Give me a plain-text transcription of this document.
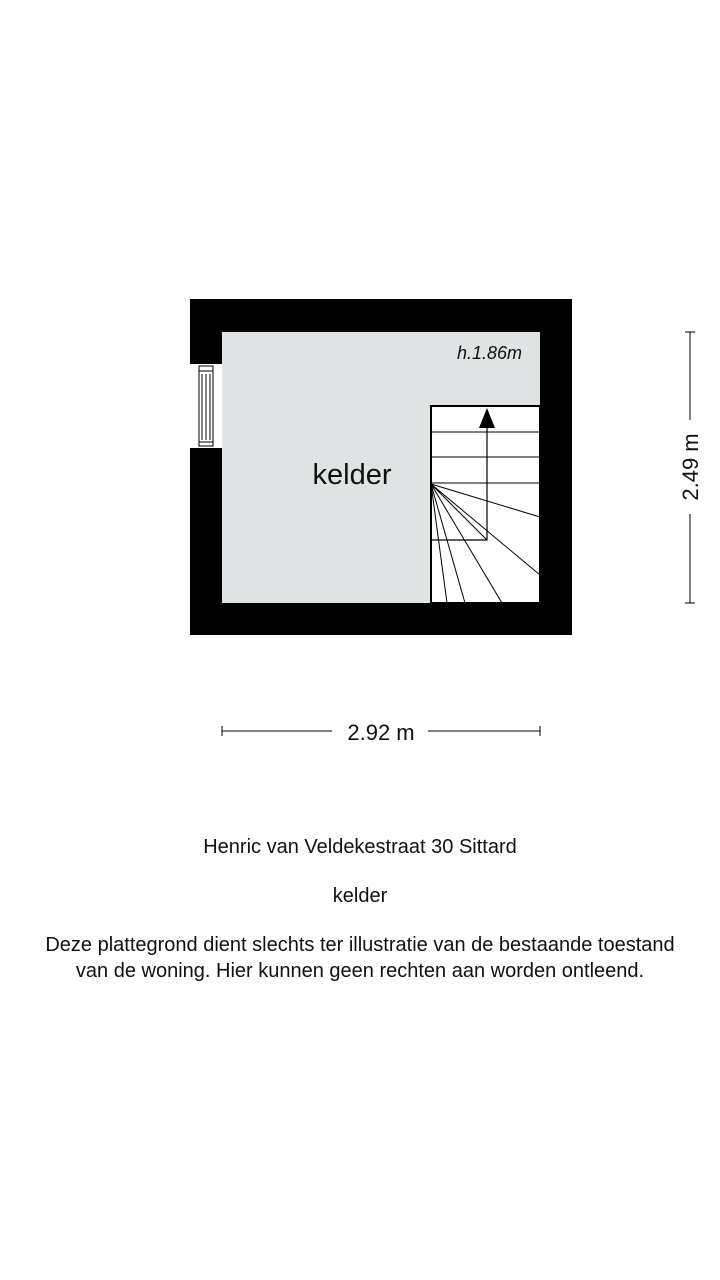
kelder
h.1.86m
2.92 m
2.49 m
Henric van Veldekestraat 30 Sittard
kelder
Deze plattegrond dient slechts ter illustratie van de bestaande toestand
van de woning. Hier kunnen geen rechten aan worden ontleend.
